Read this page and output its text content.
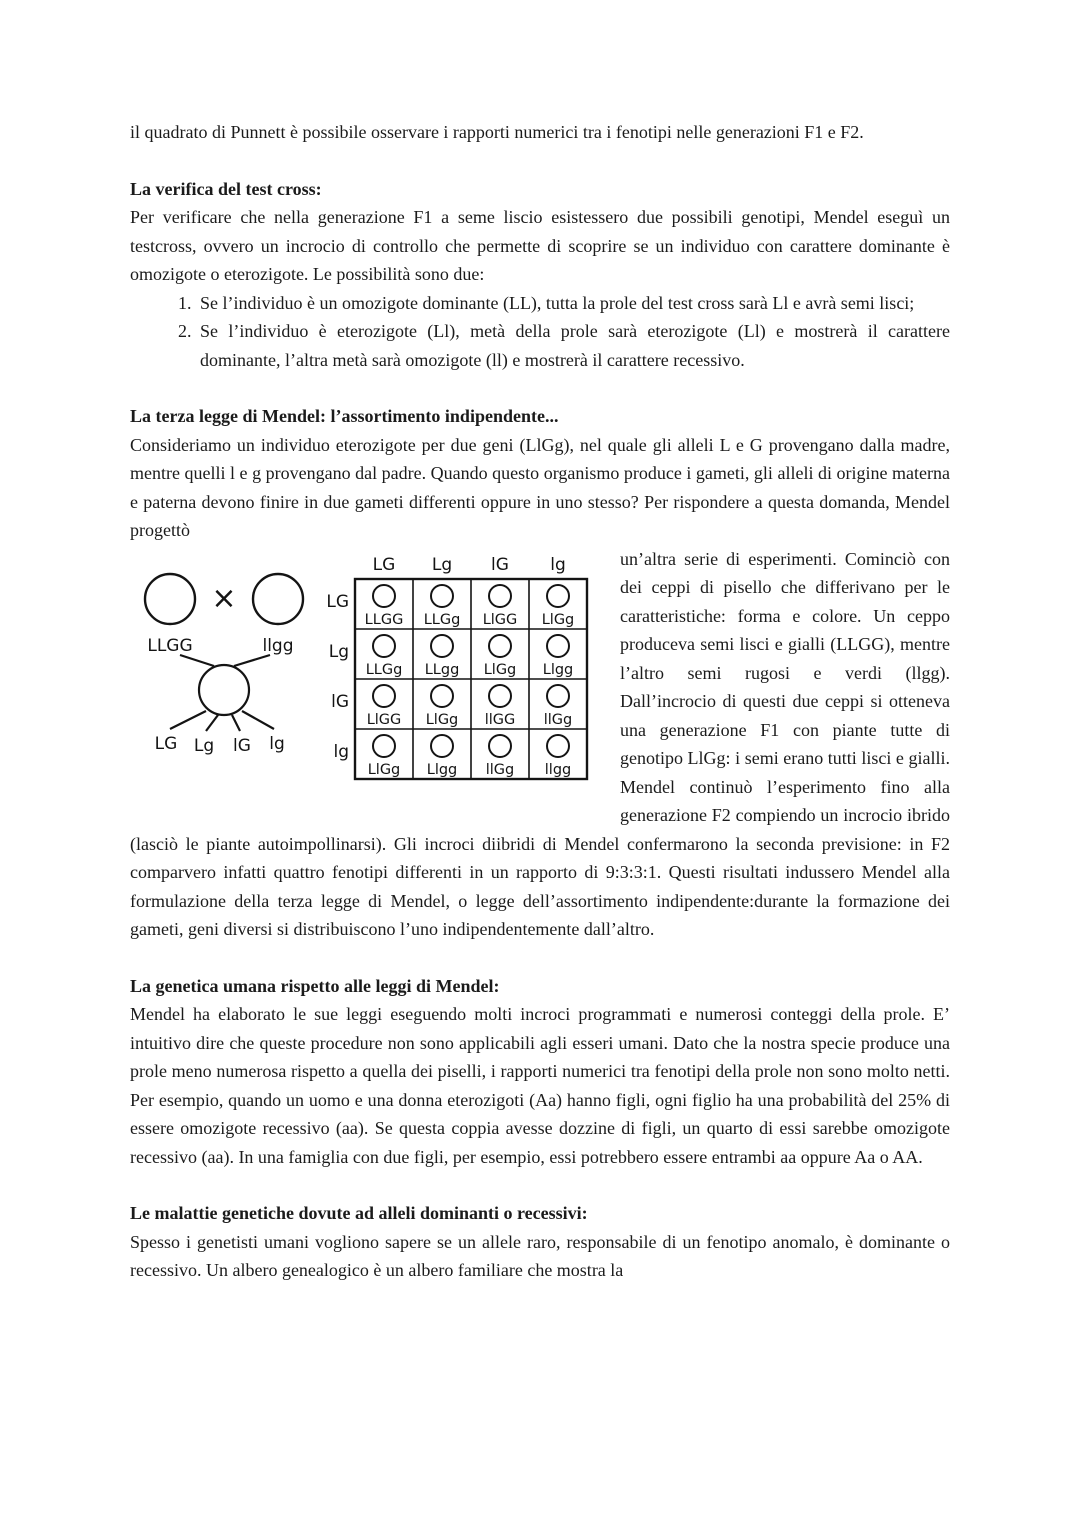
il quadrato di Punnett è possibile osservare i rapporti numerici tra i fenotipi nelle generazioni F1 e F2.

La verifica del test cross:

Per verificare che nella generazione F1 a seme liscio esistessero due possibili genotipi, Mendel eseguì un testcross, ovvero un incrocio di controllo che permette di scoprire se un individuo con carattere dominante è omozigote o eterozigote. Le possibilità sono due:

1. Se l’individuo è un omozigote dominante (LL), tutta la prole del test cross sarà Ll e avrà semi lisci;
2. Se l’individuo è eterozigote (Ll), metà della prole sarà eterozigote (Ll) e mostrerà il carattere dominante, l’altra metà sarà omozigote (ll) e mostrerà il carattere recessivo.
La terza legge di Mendel: l’assortimento indipendente...

Consideriamo un individuo eterozigote per due geni (LlGg), nel quale gli alleli L e G provengano dalla madre, mentre quelli l e g provengano dal padre. Quando questo organismo produce i gameti, gli alleli di origine materna e paterna devono finire in due gameti differenti oppure in uno stesso? Per rispondere a questa domanda, Mendel progettò

×
LLGG	llgg
LG Lg lG lg
LG Lg lG lg
LG
Lg
lG
lg
LLGG LLGg LlGG LlGg
LLGg LLgg LlGg Llgg
LlGG LlGg llGG llGg
LlGg Llgg llGg llgg

un’altra serie di esperimenti. Cominciò con dei ceppi di pisello che differivano per le caratteristiche: forma e colore. Un ceppo produceva semi lisci e gialli (LLGG), mentre l’altro semi rugosi e verdi (llgg). Dall’incrocio di questi due ceppi si otteneva una generazione F1 con piante tutte di genotipo LlGg: i semi erano tutti lisci e gialli. Mendel continuò l’esperimento fino alla generazione F2 compiendo un incrocio ibrido (lasciò le piante autoimpollinarsi). Gli incroci diibridi di Mendel confermarono la seconda previsione: in F2 comparvero infatti quattro fenotipi differenti in un rapporto di 9:3:3:1. Questi risultati indussero Mendel alla formulazione della terza legge di Mendel, o legge dell’assortimento indipendente:durante la formazione dei gameti, geni diversi si distribuiscono l’uno indipendentemente dall’altro.

La genetica umana rispetto alle leggi di Mendel:

Mendel ha elaborato le sue leggi eseguendo molti incroci programmati e numerosi conteggi della prole. E’ intuitivo dire che queste procedure non sono applicabili agli esseri umani. Dato che la nostra specie produce una prole meno numerosa rispetto a quella dei piselli, i rapporti numerici tra fenotipi della prole non sono molto netti. Per esempio, quando un uomo e una donna eterozigoti (Aa) hanno figli, ogni figlio ha una probabilità del 25% di essere omozigote recessivo (aa). Se questa coppia avesse dozzine di figli, un quarto di essi sarebbe omozigote recessivo (aa). In una famiglia con due figli, per esempio, essi potrebbero essere entrambi aa oppure Aa o AA.

Le malattie genetiche dovute ad alleli dominanti o recessivi:

Spesso i genetisti umani vogliono sapere se un allele raro, responsabile di un fenotipo anomalo, è dominante o recessivo. Un albero genealogico è un albero familiare che mostra la
